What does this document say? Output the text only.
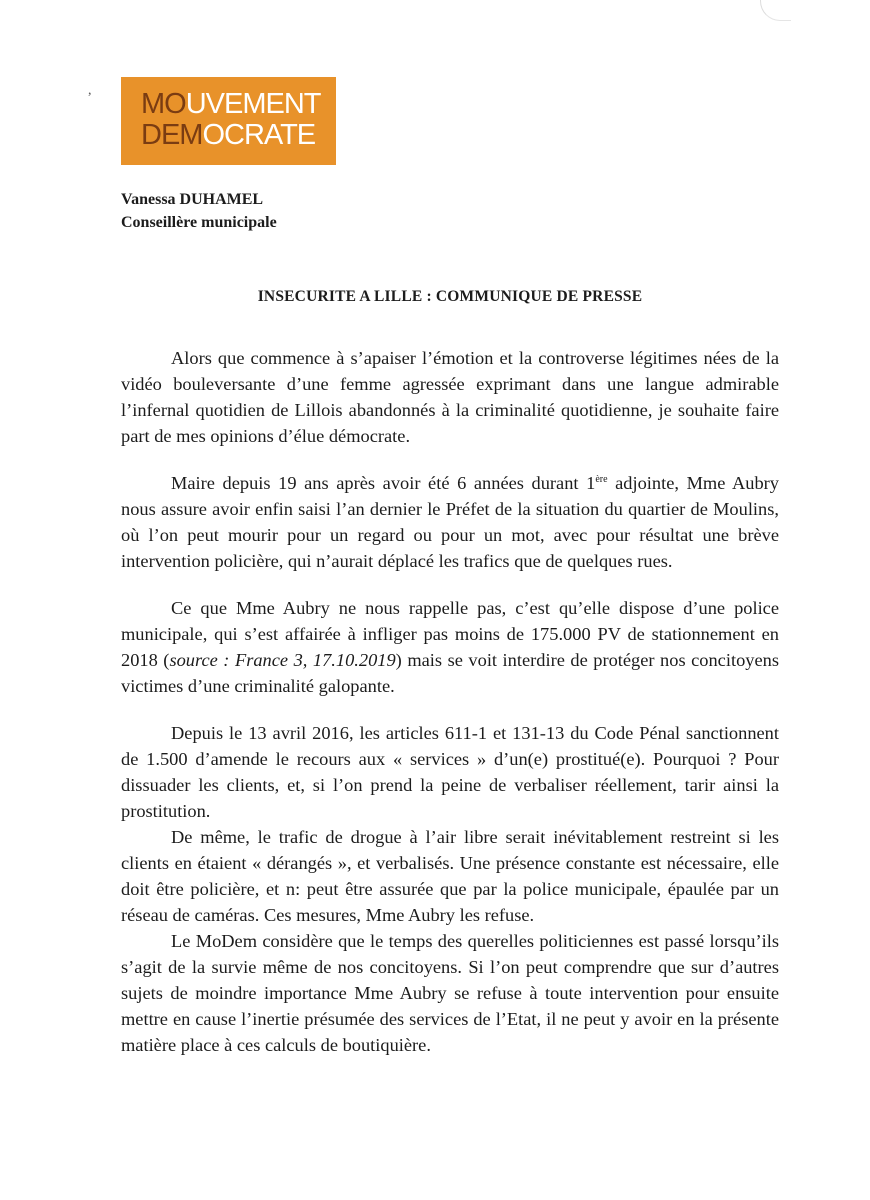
, MOUVEMENT
DEMOCRATE
Vanessa DUHAMEL
Conseillère municipale
INSECURITE A LILLE : COMMUNIQUE DE PRESSE

Alors que commence à s’apaiser l’émotion et la controverse légitimes nées de la vidéo bouleversante d’une femme agressée exprimant dans une langue admirable l’infernal quotidien de Lillois abandonnés à la criminalité quotidienne, je souhaite faire part de mes opinions d’élue démocrate.

Maire depuis 19 ans après avoir été 6 années durant 1ère adjointe, Mme Aubry nous assure avoir enfin saisi l’an dernier le Préfet de la situation du quartier de Moulins, où l’on peut mourir pour un regard ou pour un mot, avec pour résultat une brève intervention policière, qui n’aurait déplacé les trafics que de quelques rues.

Ce que Mme Aubry ne nous rappelle pas, c’est qu’elle dispose d’une police municipale, qui s’est affairée à infliger pas moins de 175.000 PV de stationnement en 2018 (source : France 3, 17.10.2019) mais se voit interdire de protéger nos concitoyens victimes d’une criminalité galopante.

Depuis le 13 avril 2016, les articles 611-1 et 131-13 du Code Pénal sanctionnent de 1.500 d’amende le recours aux « services » d’un(e) prostitué(e). Pourquoi ? Pour dissuader les clients, et, si l’on prend la peine de verbaliser réellement, tarir ainsi la prostitution.

De même, le trafic de drogue à l’air libre serait inévitablement restreint si les clients en étaient « dérangés », et verbalisés. Une présence constante est nécessaire, elle doit être policière, et n: peut être assurée que par la police municipale, épaulée par un réseau de caméras. Ces mesures, Mme Aubry les refuse.

Le MoDem considère que le temps des querelles politiciennes est passé lorsqu’ils s’agit de la survie même de nos concitoyens. Si l’on peut comprendre que sur d’autres sujets de moindre importance Mme Aubry se refuse à toute intervention pour ensuite mettre en cause l’inertie présumée des services de l’Etat, il ne peut y avoir en la présente matière place à ces calculs de boutiquière.
